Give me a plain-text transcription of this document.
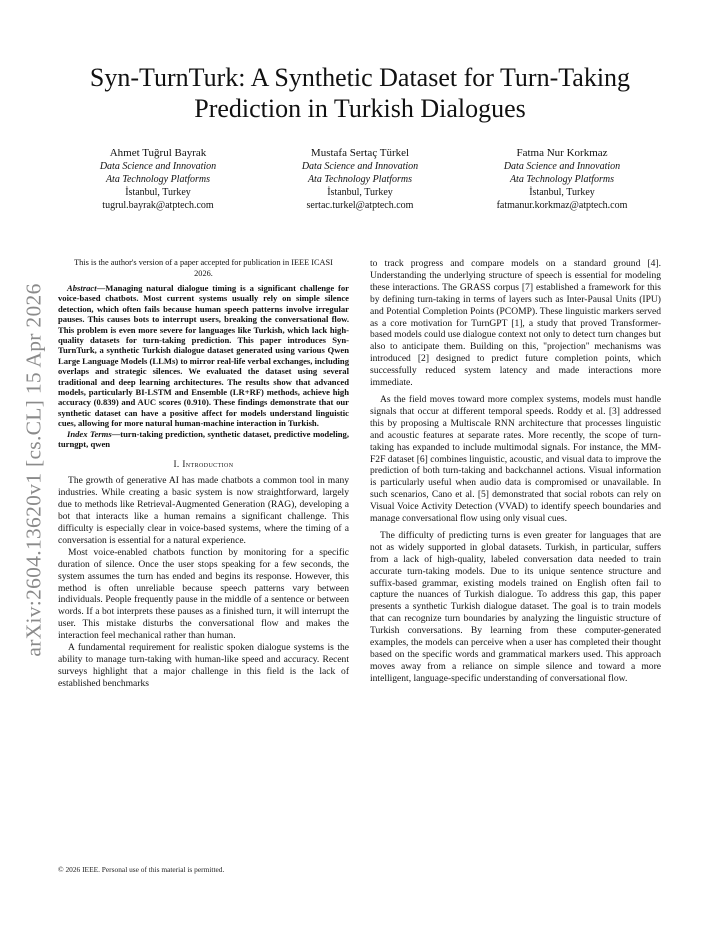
arXiv:2604.13620v1 [cs.CL] 15 Apr 2026
Syn-TurnTurk: A Synthetic Dataset for Turn-Taking Prediction in Turkish Dialogues
Ahmet Tuğrul Bayrak
Data Science and Innovation
Ata Technology Platforms
İstanbul, Turkey
tugrul.bayrak@atptech.com
Mustafa Sertaç Türkel
Data Science and Innovation
Ata Technology Platforms
İstanbul, Turkey
sertac.turkel@atptech.com
Fatma Nur Korkmaz
Data Science and Innovation
Ata Technology Platforms
İstanbul, Turkey
fatmanur.korkmaz@atptech.com

This is the author's version of a paper accepted for publication in IEEE ICASI 2026.

Abstract—Managing natural dialogue timing is a significant challenge for voice-based chatbots. Most current systems usually rely on simple silence detection, which often fails because human speech patterns involve irregular pauses. This causes bots to interrupt users, breaking the conversational flow. This problem is even more severe for languages like Turkish, which lack high-quality datasets for turn-taking prediction. This paper introduces Syn-TurnTurk, a synthetic Turkish dialogue dataset generated using various Qwen Large Language Models (LLMs) to mirror real-life verbal exchanges, including overlaps and strategic silences. We evaluated the dataset using several traditional and deep learning architectures. The results show that advanced models, particularly BI-LSTM and Ensemble (LR+RF) methods, achieve high accuracy (0.839) and AUC scores (0.910). These findings demonstrate that our synthetic dataset can have a positive affect for models understand linguistic cues, allowing for more natural human-machine interaction in Turkish.

Index Terms—turn-taking prediction, synthetic dataset, predictive modeling, turngpt, qwen

I. Introduction

The growth of generative AI has made chatbots a common tool in many industries. While creating a basic system is now straightforward, largely due to methods like Retrieval-Augmented Generation (RAG), developing a bot that interacts like a human remains a significant challenge. This difficulty is especially clear in voice-based systems, where the timing of a conversation is essential for a natural experience.

Most voice-enabled chatbots function by monitoring for a specific duration of silence. Once the user stops speaking for a few seconds, the system assumes the turn has ended and begins its response. However, this method is often unreliable because speech patterns vary between individuals. People frequently pause in the middle of a sentence or between words. If a bot interprets these pauses as a finished turn, it will interrupt the user. This mistake disturbs the conversational flow and makes the interaction feel mechanical rather than human.

A fundamental requirement for realistic spoken dialogue systems is the ability to manage turn-taking with human-like speed and accuracy. Recent surveys highlight that a major challenge in this field is the lack of established benchmarks

to track progress and compare models on a standard ground [4]. Understanding the underlying structure of speech is essential for modeling these interactions. The GRASS corpus [7] established a framework for this by defining turn-taking in terms of layers such as Inter-Pausal Units (IPU) and Potential Completion Points (PCOMP). These linguistic markers served as a core motivation for TurnGPT [1], a study that proved Transformer-based models could use dialogue context not only to detect turn changes but also to anticipate them. Building on this, "projection" mechanisms was introduced [2] designed to predict future completion points, which successfully reduced system latency and made interactions more immediate.

As the field moves toward more complex systems, models must handle signals that occur at different temporal speeds. Roddy et al. [3] addressed this by proposing a Multiscale RNN architecture that processes linguistic and acoustic features at separate rates. More recently, the scope of turn-taking has expanded to include multimodal signals. For instance, the MM-F2F dataset [6] combines linguistic, acoustic, and visual data to improve the prediction of both turn-taking and backchannel actions. Visual information is particularly useful when audio data is compromised or unavailable. In such scenarios, Cano et al. [5] demonstrated that social robots can rely on Visual Voice Activity Detection (VVAD) to identify speech boundaries and manage conversational flow using only visual cues.

The difficulty of predicting turns is even greater for languages that are not as widely supported in global datasets. Turkish, in particular, suffers from a lack of high-quality, labeled conversation data needed to train accurate turn-taking models. Due to its unique sentence structure and suffix-based grammar, existing models trained on English often fail to capture the nuances of Turkish dialogue. To address this gap, this paper presents a synthetic Turkish dialogue dataset. The goal is to train models that can recognize turn boundaries by analyzing the linguistic structure of Turkish conversations. By learning from these computer-generated examples, the models can perceive when a user has completed their thought based on the specific words and grammatical markers used. This approach moves away from a reliance on simple silence and toward a more intelligent, language-specific understanding of conversational flow.

© 2026 IEEE. Personal use of this material is permitted.
